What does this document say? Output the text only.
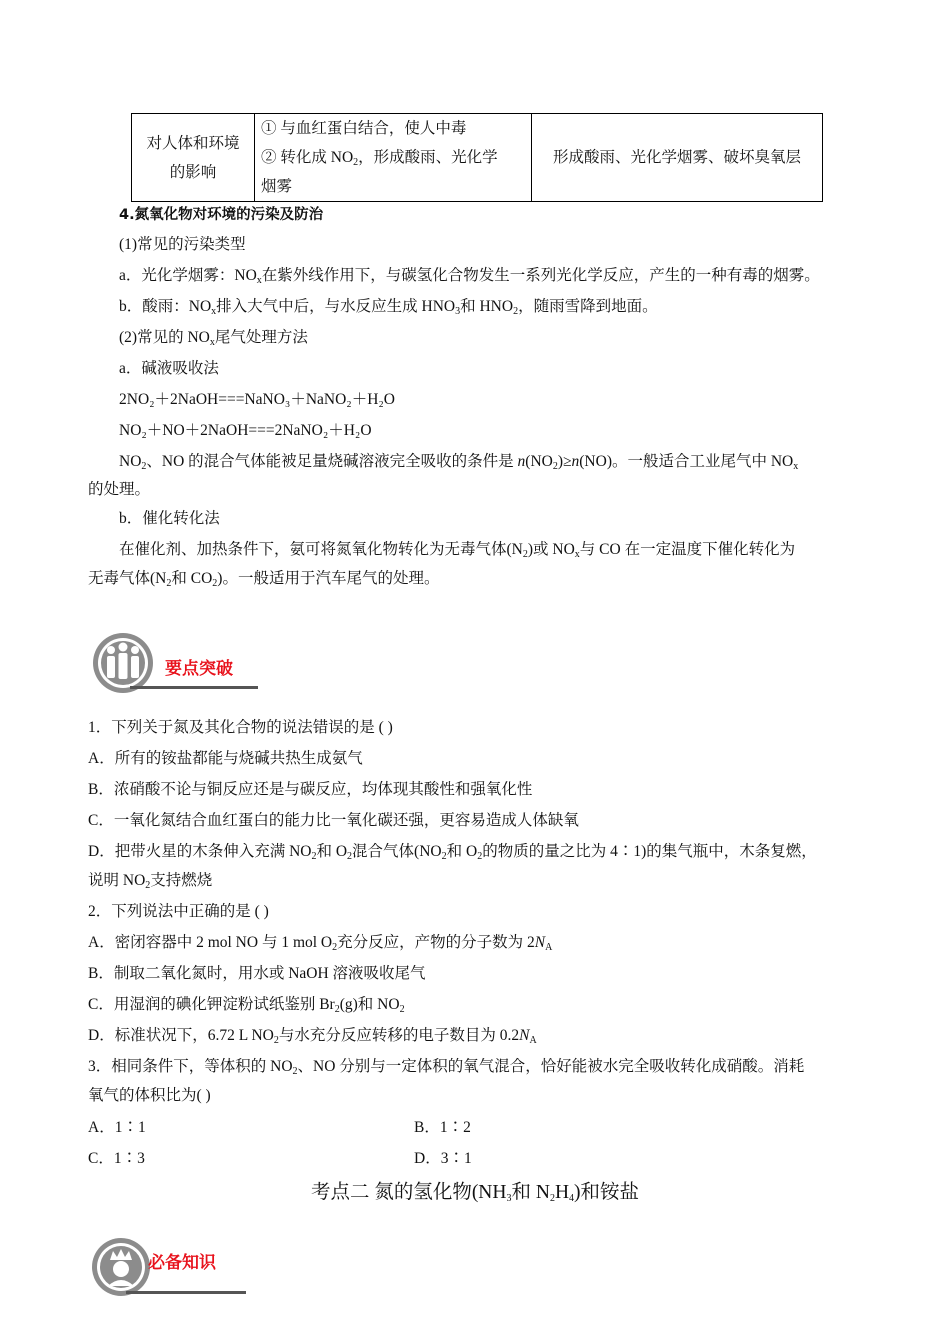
对人体和环境
的影响

① 与血红蛋白结合，使人中毒
② 转化成 $NO_2$，形成酸雨、光化学
烟雾
	形成酸雨、光化学烟雾、破坏臭氧层
4.氮氧化物对环境的污染及防治
(1)常见的污染类型
a．光化学烟雾：$NO_x$在紫外线作用下，与碳氢化合物发生一系列光化学反应，产生的一种有毒的烟雾。
b．酸雨：$NO_x$排入大气中后，与水反应生成 $HNO_3$和 $HNO_2$，随雨雪降到地面。
(2)常见的 $NO_x$尾气处理方法
a．碱液吸收法
2NO₂＋2NaOH===NaNO₃＋NaNO₂＋H₂O
NO₂＋NO＋2NaOH===2NaNO₂＋H₂O
$NO_2$、NO 的混合气体能被足量烧碱溶液完全吸收的条件是 $n(NO_2)\ge n(NO)$。一般适合工业尾气中 $NO_x$
的处理。
b．催化转化法
在催化剂、加热条件下，氨可将氮氧化物转化为无毒气体$(N_2)$或 $NO_x$与 CO 在一定温度下催化转化为
无毒气体($N_2$和 $CO_2$)。一般适用于汽车尾气的处理。
要点突破
1．下列关于氮及其化合物的说法错误的是 ( )
A．所有的铵盐都能与烧碱共热生成氨气
B．浓硝酸不论与铜反应还是与碳反应，均体现其酸性和强氧化性
C．一氧化氮结合血红蛋白的能力比一氧化碳还强，更容易造成人体缺氧
D．把带火星的木条伸入充满 $NO_2$和 $O_2$混合气体($NO_2$和 $O_2$的物质的量之比为 4∶1)的集气瓶中，木条复燃，
说明 $NO_2$支持燃烧
2．下列说法中正确的是 ( )
A．密闭容器中 2 mol NO 与 1 mol $O_2$充分反应，产物的分子数为 $2N_A$
B．制取二氧化氮时，用水或 NaOH 溶液吸收尾气
C．用湿润的碘化钾淀粉试纸鉴别 $Br_2(g)$和 $NO_2$
D．标准状况下，6.72 L $NO_2$与水充分反应转移的电子数目为 $0.2N_A$
3．相同条件下，等体积的 $NO_2$、NO 分别与一定体积的氧气混合，恰好能被水完全吸收转化成硝酸。消耗
氧气的体积比为( )
A．1∶1	B．1∶2
C．1∶3	D．3∶1
考点二 氮的氢化物($NH_3$和 $N_2H_4$)和铵盐
必备知识
